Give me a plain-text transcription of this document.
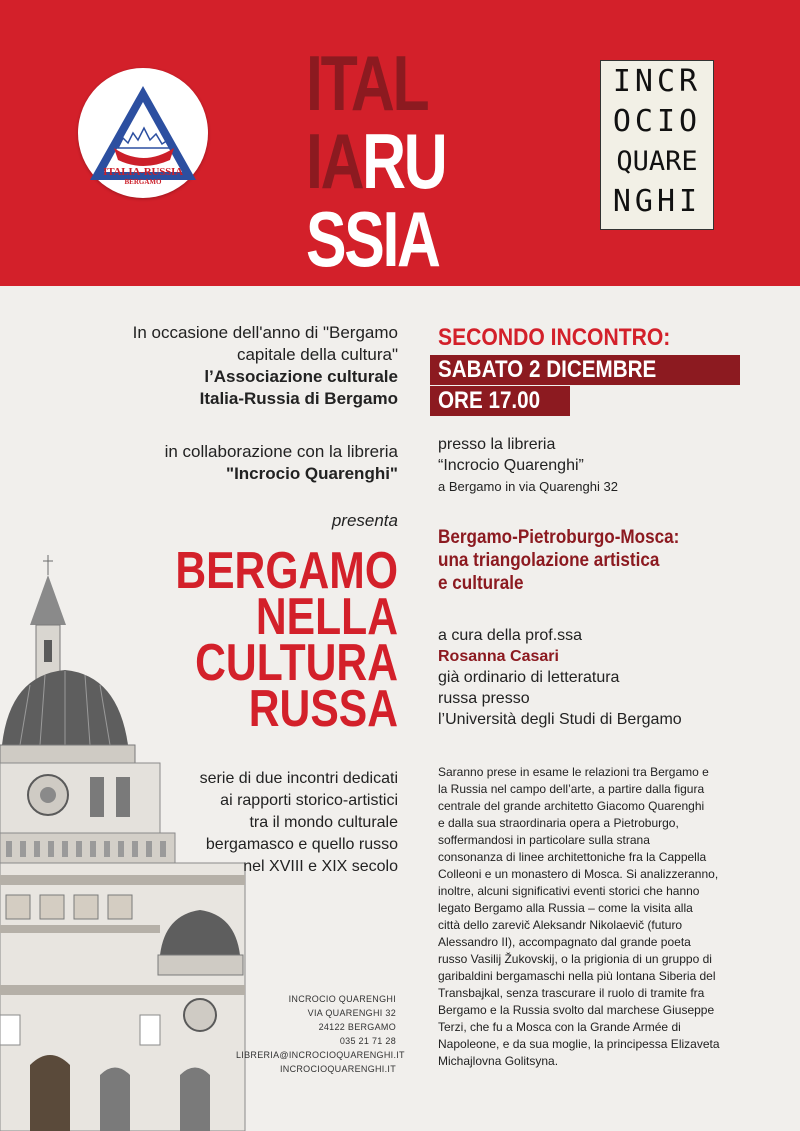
ITALIA-RUSSIA
BERGAMO
ITAL
IARU
SSIA
INCR
OCIO
QUARE
NGHI
In occasione dell'anno di "Bergamo
capitale della cultura"
l’Associazione culturale
Italia-Russia di Bergamo
in collaborazione con la libreria
"Incrocio Quarenghi"
presenta
BERGAMO
NELLA
CULTURA
RUSSA
serie di due incontri dedicati
ai rapporti storico-artistici
tra il mondo culturale
bergamasco e quello russo
nel XVIII e XIX secolo
INCROCIO QUARENGHI
VIA QUARENGHI 32
24122 BERGAMO
035 21 71 28
LIBRERIA@INCROCIOQUARENGHI.IT
INCROCIOQUARENGHI.IT
SECONDO INCONTRO:
SABATO 2 DICEMBRE
ORE 17.00
presso la libreria
“Incrocio Quarenghi”
a Bergamo in via Quarenghi 32
Bergamo-Pietroburgo-Mosca:
una triangolazione artistica
e culturale
a cura della prof.ssa
Rosanna Casari
già ordinario di letteratura
russa presso
l’Università degli Studi di Bergamo
Saranno prese in esame le relazioni tra Bergamo e
la Russia nel campo dell’arte, a partire dalla figura
centrale del grande architetto Giacomo Quarenghi
e dalla sua straordinaria opera a Pietroburgo,
soffermandosi in particolare sulla strana
consonanza di linee architettoniche fra la Cappella
Colleoni e un monastero di Mosca. Si analizzeranno,
inoltre, alcuni significativi eventi storici che hanno
legato Bergamo alla Russia – come la visita alla
città dello zarevič Aleksandr Nikolaevič (futuro
Alessandro II), accompagnato dal grande poeta
russo Vasilij Žukovskij, o la prigionia di un gruppo di
garibaldini bergamaschi nella più lontana Siberia del
Transbajkal, senza trascurare il ruolo di tramite fra
Bergamo e la Russia svolto dal marchese Giuseppe
Terzi, che fu a Mosca con la Grande Armée di
Napoleone, e da sua moglie, la principessa Elizaveta
Michajlovna Golitsyna.
